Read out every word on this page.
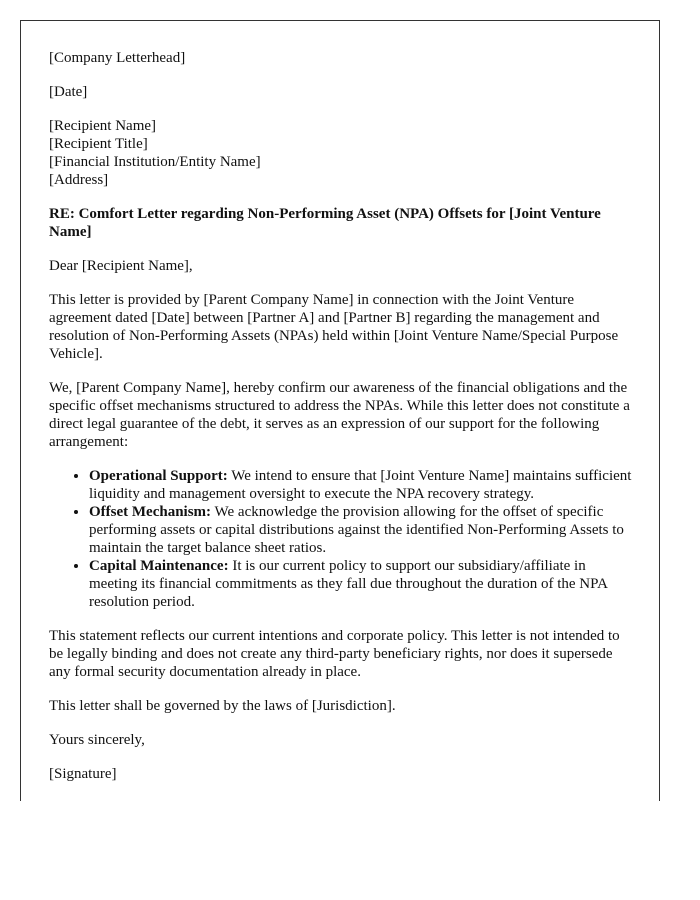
[Company Letterhead]

[Date]

[Recipient Name]
[Recipient Title]
[Financial Institution/Entity Name]
[Address]

RE: Comfort Letter regarding Non-Performing Asset (NPA) Offsets for [Joint Venture Name]

Dear [Recipient Name],

This letter is provided by [Parent Company Name] in connection with the Joint Venture agreement dated [Date] between [Partner A] and [Partner B] regarding the management and resolution of Non-Performing Assets (NPAs) held within [Joint Venture Name/Special Purpose Vehicle].

We, [Parent Company Name], hereby confirm our awareness of the financial obligations and the specific offset mechanisms structured to address the NPAs. While this letter does not constitute a direct legal guarantee of the debt, it serves as an expression of our support for the following arrangement:

• Operational Support: We intend to ensure that [Joint Venture Name] maintains sufficient liquidity and management oversight to execute the NPA recovery strategy.
• Offset Mechanism: We acknowledge the provision allowing for the offset of specific performing assets or capital distributions against the identified Non-Performing Assets to maintain the target balance sheet ratios.
• Capital Maintenance: It is our current policy to support our subsidiary/affiliate in meeting its financial commitments as they fall due throughout the duration of the NPA resolution period.

This statement reflects our current intentions and corporate policy. This letter is not intended to be legally binding and does not create any third-party beneficiary rights, nor does it supersede any formal security documentation already in place.

This letter shall be governed by the laws of [Jurisdiction].

Yours sincerely,

[Signature]
